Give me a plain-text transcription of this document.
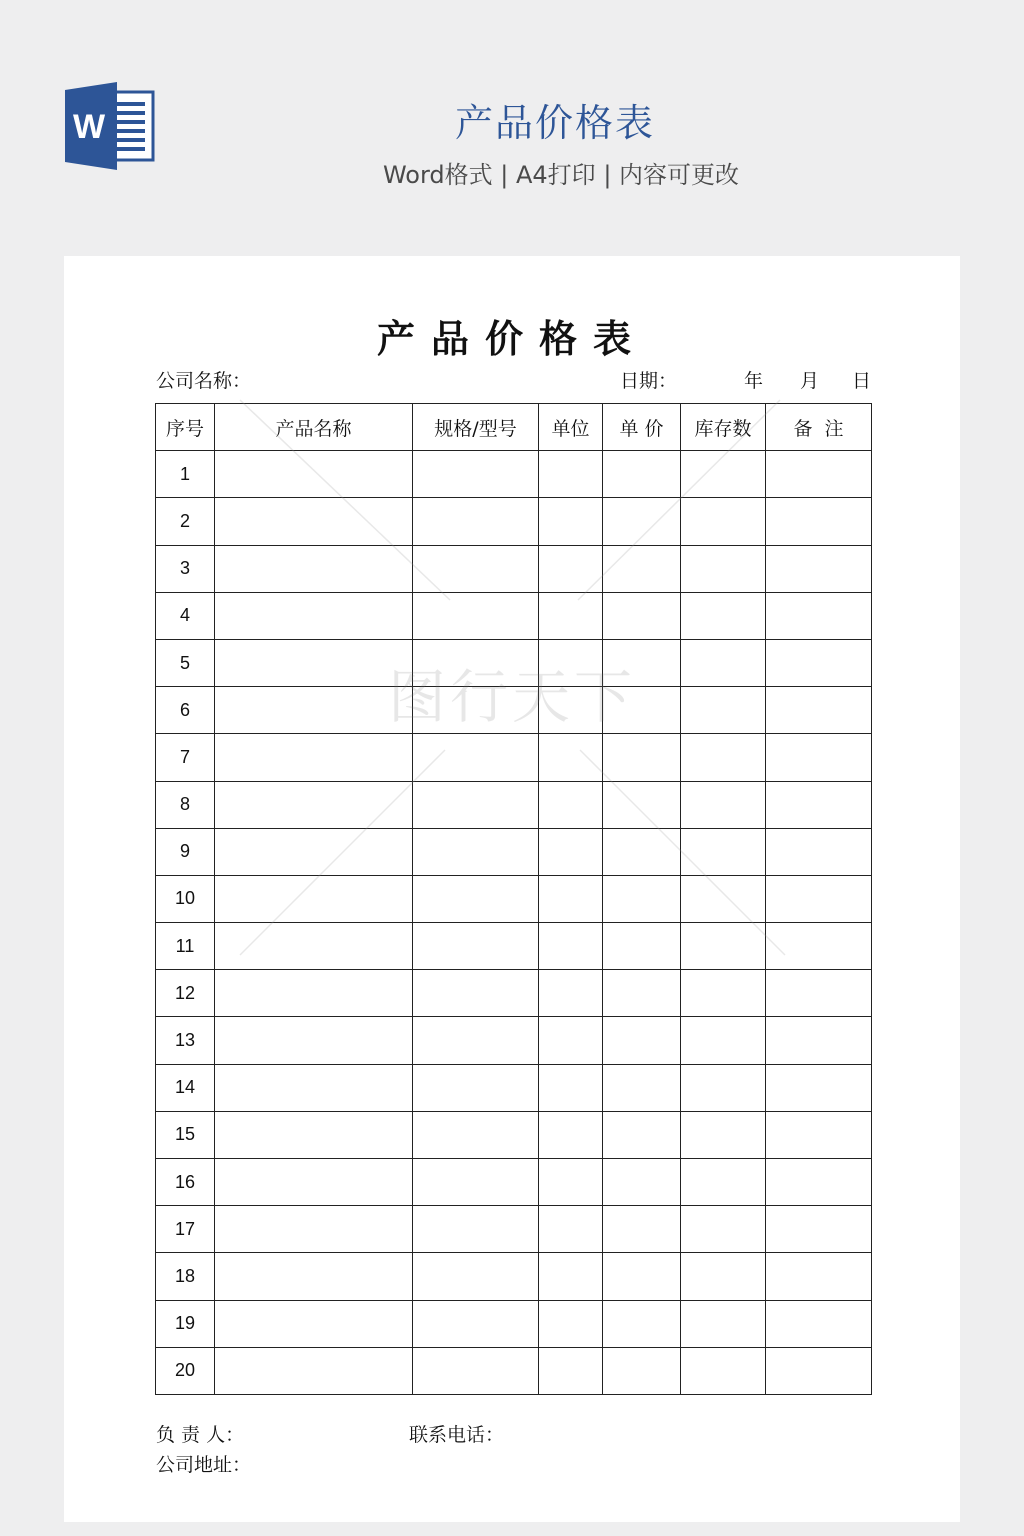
W	产品价格表
Word格式 | A4打印 | 内容可更改
产品价格表
公司名称：	日期：	年 月 日
序号	产品名称	规格/型号	单位	单 价	库存数	备  注
1						
2						
3						
4						
5						
6						
7						
8						
9						
10						
11						
12						
13						
14						
15						
16						
17						
18						
19						
20						
负 责 人：	联系电话：
公司地址：
